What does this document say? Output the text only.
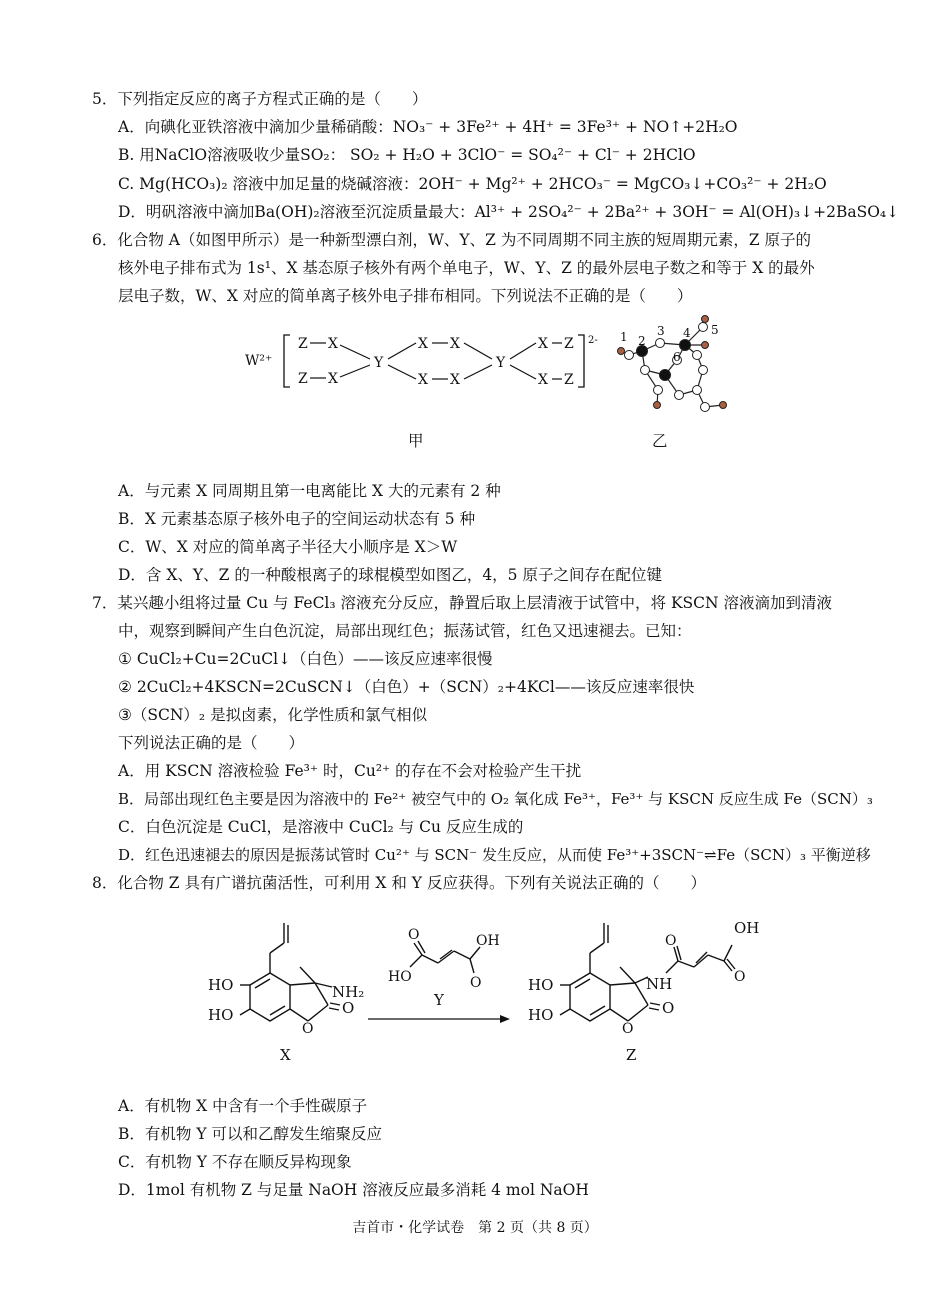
5．下列指定反应的离子方程式正确的是（　　）
A．向碘化亚铁溶液中滴加少量稀硝酸：NO₃⁻ + 3Fe²⁺ + 4H⁺ = 3Fe³⁺ + NO↑+2H₂O
B. 用NaClO溶液吸收少量SO₂： SO₂ + H₂O + 3ClO⁻ = SO₄²⁻ + Cl⁻ + 2HClO
C. Mg(HCO₃)₂ 溶液中加足量的烧碱溶液：2OH⁻ + Mg²⁺ + 2HCO₃⁻ = MgCO₃↓+CO₃²⁻ + 2H₂O
D．明矾溶液中滴加Ba(OH)₂溶液至沉淀质量最大：Al³⁺ + 2SO₄²⁻ + 2Ba²⁺ + 3OH⁻ = Al(OH)₃↓+2BaSO₄↓
6．化合物 A（如图甲所示）是一种新型漂白剂，W、Y、Z 为不同周期不同主族的短周期元素，Z 原子的
核外电子排布式为 1s¹、X 基态原子核外有两个单电子，W、Y、Z 的最外层电子数之和等于 X 的最外
层电子数，W、X 对应的简单离子核外电子排布相同。下列说法不正确的是（　　）
W²⁺
Z X
Z X
Y
X X
X X
Y
X Z
X Z
2- 1 2
3 4 5
6
甲	乙
A．与元素 X 同周期且第一电离能比 X 大的元素有 2 种
B．X 元素基态原子核外电子的空间运动状态有 5 种
C．W、X 对应的简单离子半径大小顺序是 X＞W
D．含 X、Y、Z 的一种酸根离子的球棍模型如图乙，4，5 原子之间存在配位键
7．某兴趣小组将过量 Cu 与 FeCl₃ 溶液充分反应，静置后取上层清液于试管中，将 KSCN 溶液滴加到清液
中，观察到瞬间产生白色沉淀，局部出现红色；振荡试管，红色又迅速褪去。已知：
① CuCl₂+Cu=2CuCl↓（白色）——该反应速率很慢
② 2CuCl₂+4KSCN=2CuSCN↓（白色）+（SCN）₂+4KCl——该反应速率很快
③（SCN）₂ 是拟卤素，化学性质和氯气相似
下列说法正确的是（　　）
A．用 KSCN 溶液检验 Fe³⁺ 时，Cu²⁺ 的存在不会对检验产生干扰
B．局部出现红色主要是因为溶液中的 Fe²⁺ 被空气中的 O₂ 氧化成 Fe³⁺，Fe³⁺ 与 KSCN 反应生成 Fe（SCN）₃
C．白色沉淀是 CuCl，是溶液中 CuCl₂ 与 Cu 反应生成的
D．红色迅速褪去的原因是振荡试管时 Cu²⁺ 与 SCN⁻ 发生反应，从而使 Fe³⁺+3SCN⁻⇌Fe（SCN）₃ 平衡逆移
8．化合物 Z 具有广谱抗菌活性，可利用 X 和 Y 反应获得。下列有关说法正确的（　　）
HO
HO
NH₂
O
O
X
OH
O
O
HO
Y
HO
HO
NH
O
O
O
OH
O
Z
A．有机物 X 中含有一个手性碳原子
B．有机物 Y 可以和乙醇发生缩聚反应
C．有机物 Y 不存在顺反异构现象
D．1mol 有机物 Z 与足量 NaOH 溶液反应最多消耗 4 mol NaOH
吉首市・化学试卷　第 2 页（共 8 页）
